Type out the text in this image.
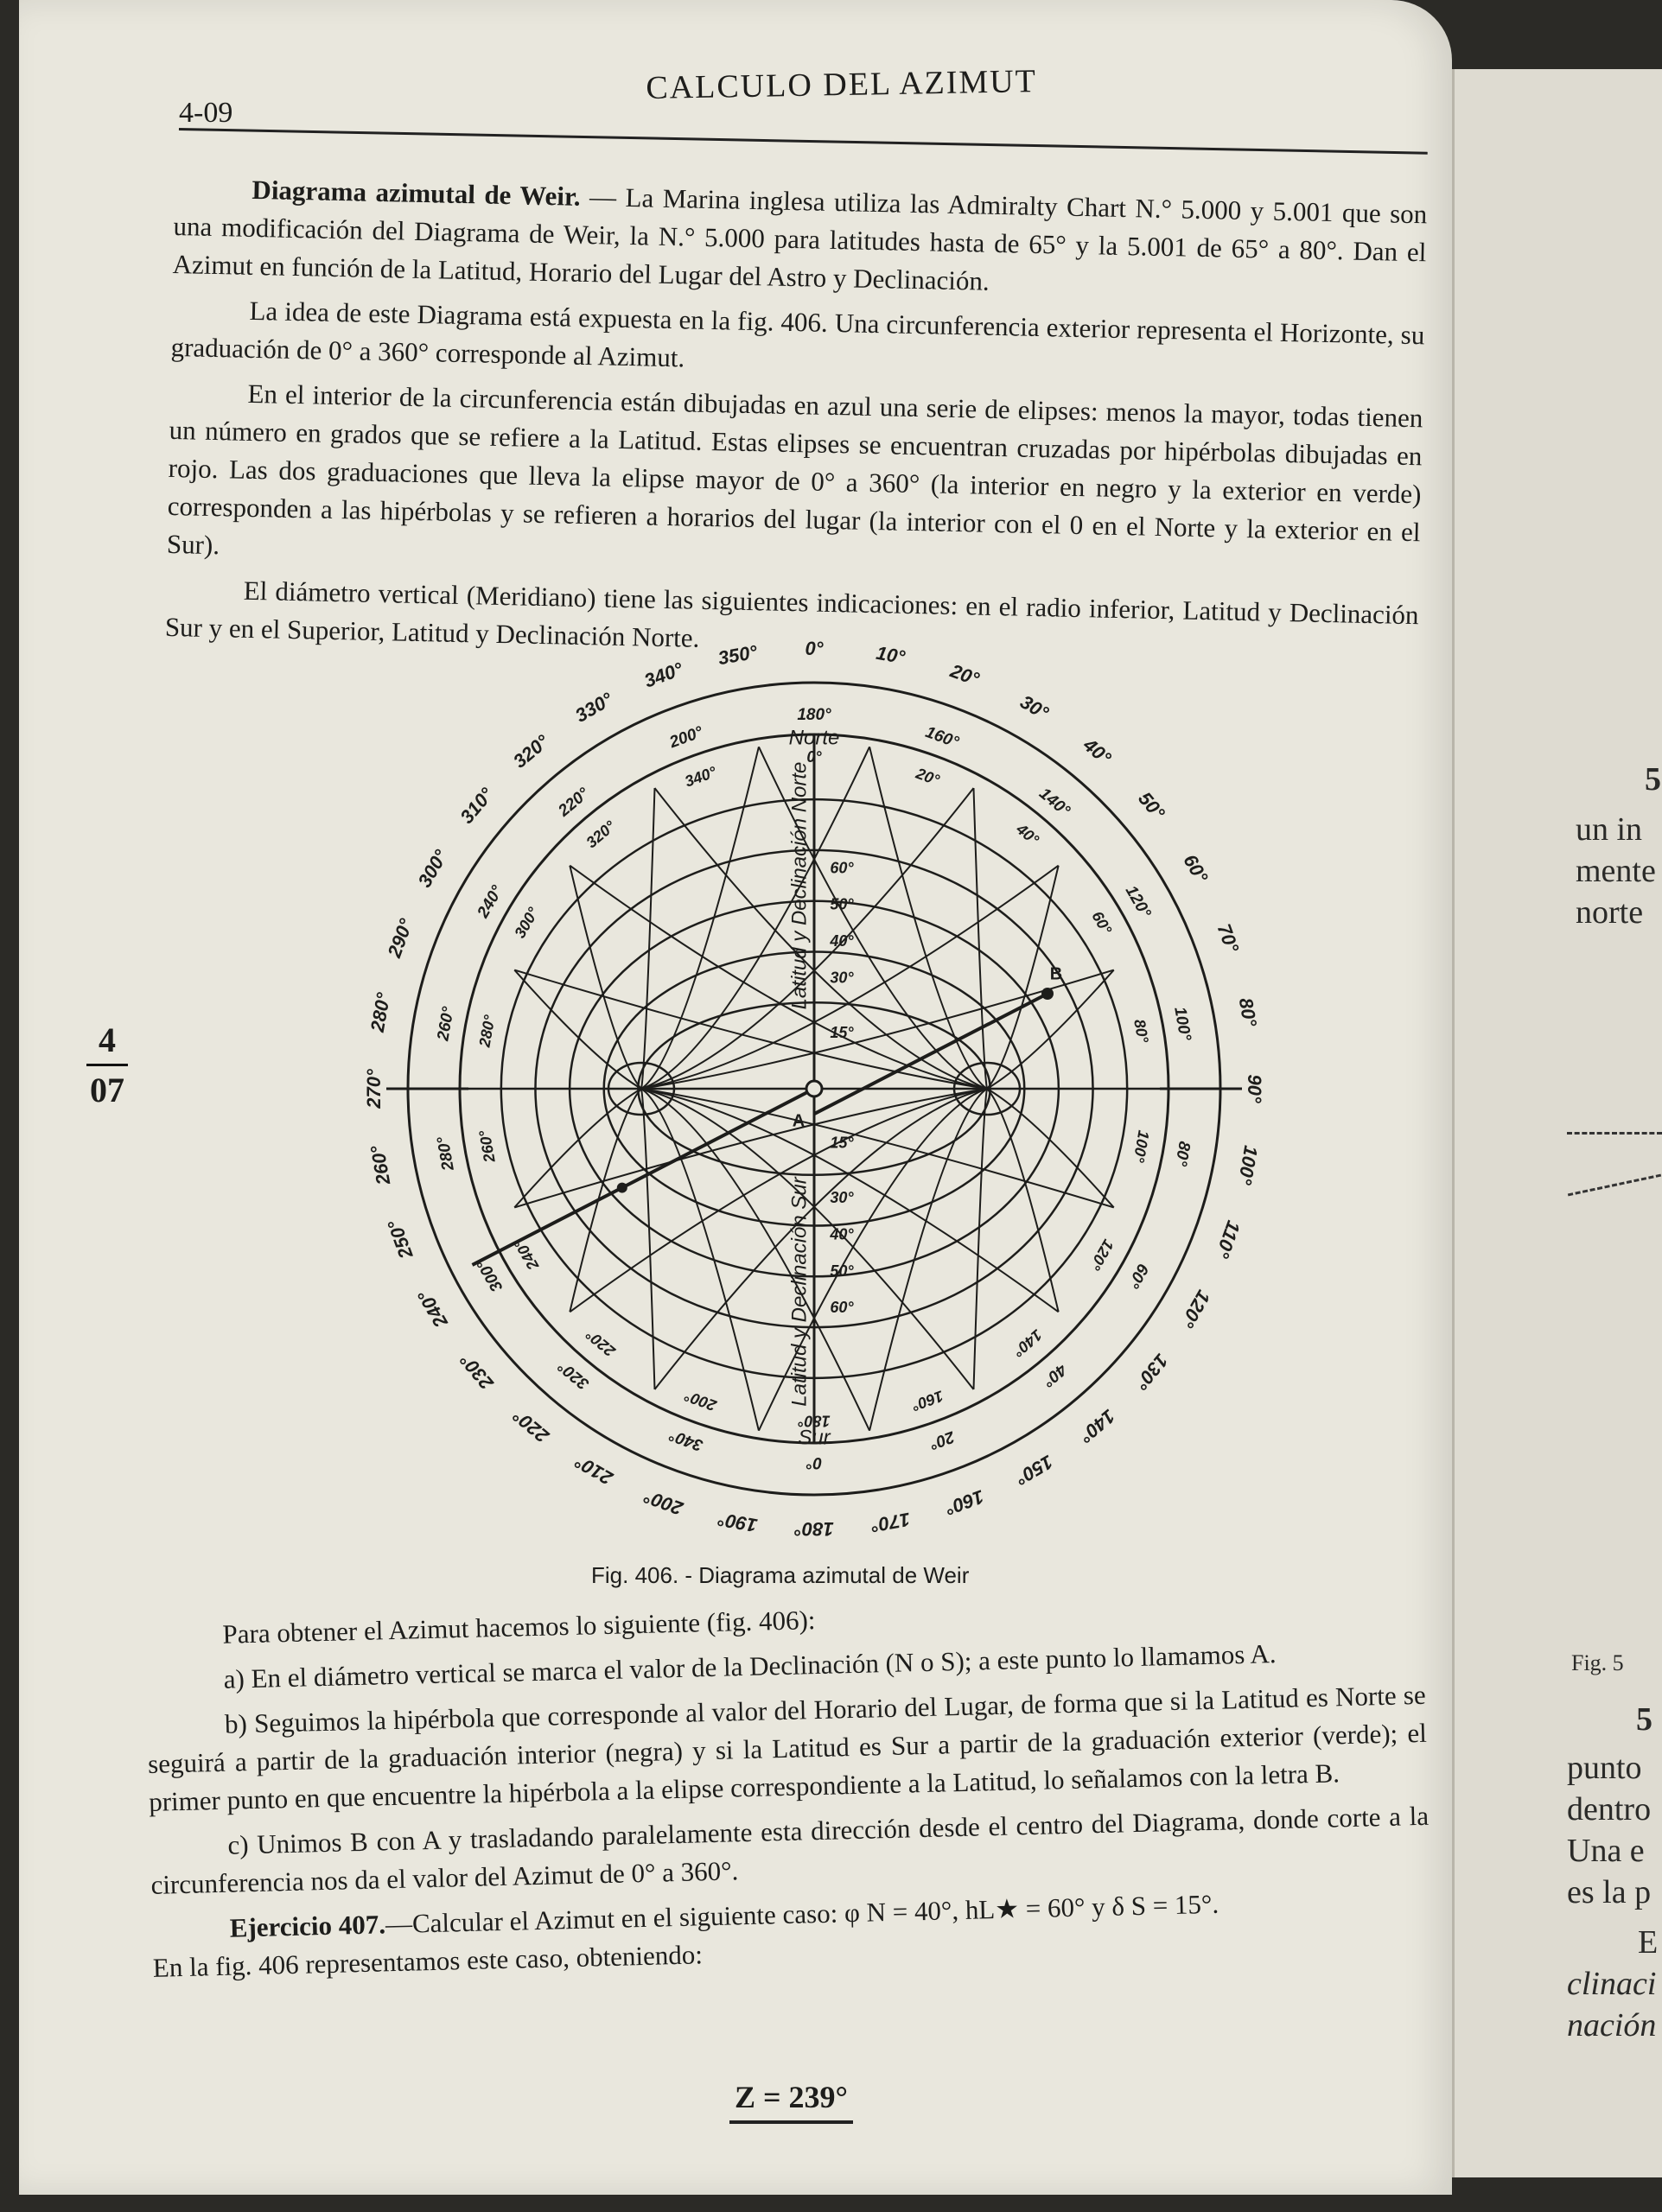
4-09
CALCULO DEL AZIMUT
4
07

Diagrama azimutal de Weir. — La Marina inglesa utiliza las Admiralty Chart N.° 5.000 y 5.001 que son una modificación del Diagrama de Weir, la N.° 5.000 para latitudes hasta de 65° y la 5.001 de 65° a 80°. Dan el Azimut en función de la Latitud, Horario del Lugar del Astro y Declinación.

La idea de este Diagrama está expuesta en la fig. 406. Una circunferencia exterior representa el Horizonte, su graduación de 0° a 360° corresponde al Azimut.

En el interior de la circunferencia están dibujadas en azul una serie de elipses: menos la mayor, todas tienen un número en grados que se refiere a la Latitud. Estas elipses se encuentran cruzadas por hipérbolas dibujadas en rojo. Las dos graduaciones que lleva la elipse mayor de 0° a 360° (la interior en negro y la exterior en verde) corresponden a las hipérbolas y se refieren a horarios del lugar (la interior con el 0 en el Norte y la exterior en el Sur).

El diámetro vertical (Meridiano) tiene las siguientes indicaciones: en el radio inferior, Latitud y Declinación Sur y en el Superior, Latitud y Declinación Norte.	0°	10°
20°
30°
40°
50°
60°
70°
80°
90°
100°
110°
120°
130°
140°
150°
160°
170°
180°
190°
200°
210°
220°
230°
240°
250°
260°
270°
280°
290°
300°
310°
320°
330°
340°
350°
180°
160°
140°
120°
100°
80°
60°
40°
20°
0°
340°
320°
300°
280°
260°
240°
220°
200°
0°
20°
40°
60°
80°
100°
120°
140°
160°
180°
200°
220°
240°
260°
280°
300°
320°
340°
Norte
Sur
15°
30°
40°
50°
60°
15°
30°
40°
50°
60°
Latitud y Declinación Norte
Latitud y Declinación Sur
A
B
Fig. 406. - Diagrama azimutal de Weir

Para obtener el Azimut hacemos lo siguiente (fig. 406):

a) En el diámetro vertical se marca el valor de la Declinación (N o S); a este punto lo llamamos A.

b) Seguimos la hipérbola que corresponde al valor del Horario del Lugar, de forma que si la Latitud es Norte se seguirá a partir de la graduación interior (negra) y si la Latitud es Sur a partir de la graduación exterior (verde); el primer punto en que encuentre la hipérbola a la elipse correspondiente a la Latitud, lo señalamos con la letra B.

c) Unimos B con A y trasladando paralelamente esta dirección desde el centro del Diagrama, donde corte a la circunferencia nos da el valor del Azimut de 0° a 360°.

Ejercicio 407.—Calcular el Azimut en el siguiente caso: φ N = 40°, hL★ = 60° y δ S = 15°.
En la fig. 406 representamos este caso, obteniendo:

Z = 239°
5
un in
mente
norte
Fig. 5
5
punto
dentro
Una e
es la p
E
clinaci
nación
